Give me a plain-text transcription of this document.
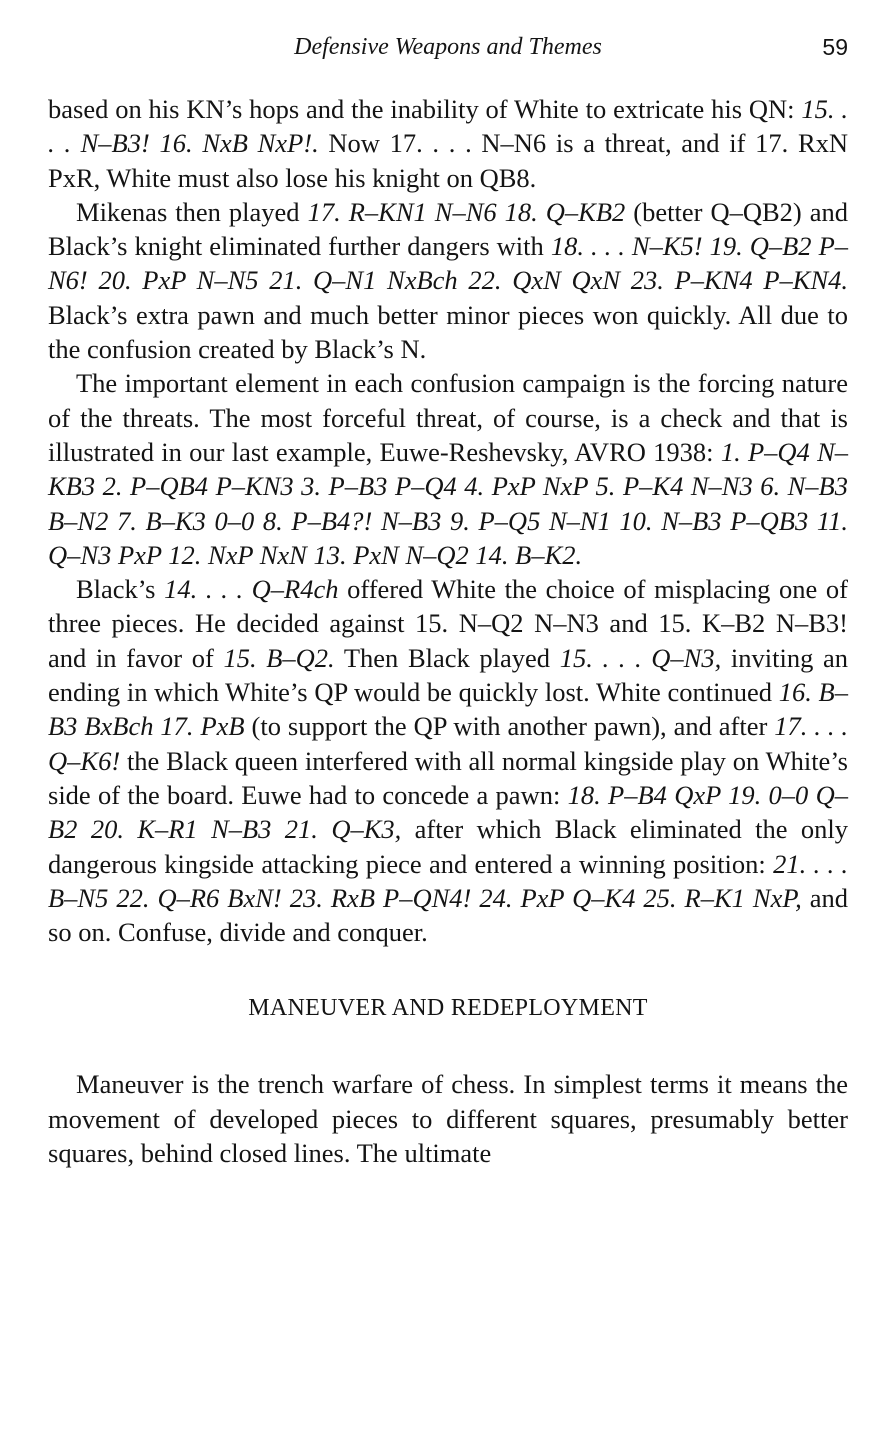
Defensive Weapons and Themes	59

based on his KN’s hops and the inability of White to extricate his QN: 15. . . . N–B3! 16. NxB NxP!. Now 17. . . . N–N6 is a threat, and if 17. RxN PxR, White must also lose his knight on QB8.

Mikenas then played 17. R–KN1 N–N6 18. Q–KB2 (better Q–QB2) and Black’s knight eliminated further dangers with 18. . . . N–K5! 19. Q–B2 P–N6! 20. PxP N–N5 21. Q–N1 NxBch 22. QxN QxN 23. P–KN4 P–KN4. Black’s extra pawn and much better minor pieces won quickly. All due to the confusion created by Black’s N.

The important element in each confusion campaign is the forcing nature of the threats. The most forceful threat, of course, is a check and that is illustrated in our last example, Euwe-Reshevsky, AVRO 1938: 1. P–Q4 N–KB3 2. P–QB4 P–KN3 3. P–B3 P–Q4 4. PxP NxP 5. P–K4 N–N3 6. N–B3 B–N2 7. B–K3 0–0 8. P–B4?! N–B3 9. P–Q5 N–N1 10. N–B3 P–QB3 11. Q–N3 PxP 12. NxP NxN 13. PxN N–Q2 14. B–K2.

Black’s 14. . . . Q–R4ch offered White the choice of misplacing one of three pieces. He decided against 15. N–Q2 N–N3 and 15. K–B2 N–B3! and in favor of 15. B–Q2. Then Black played 15. . . . Q–N3, inviting an ending in which White’s QP would be quickly lost. White continued 16. B–B3 BxBch 17. PxB (to support the QP with another pawn), and after 17. . . . Q–K6! the Black queen interfered with all normal kingside play on White’s side of the board. Euwe had to concede a pawn: 18. P–B4 QxP 19. 0–0 Q–B2 20. K–R1 N–B3 21. Q–K3, after which Black eliminated the only dangerous kingside attacking piece and entered a winning position: 21. . . . B–N5 22. Q–R6 BxN! 23. RxB P–QN4! 24. PxP Q–K4 25. R–K1 NxP, and so on. Confuse, divide and conquer.

MANEUVER AND REDEPLOYMENT

Maneuver is the trench warfare of chess. In simplest terms it means the movement of developed pieces to different squares, presumably better squares, behind closed lines. The ultimate
